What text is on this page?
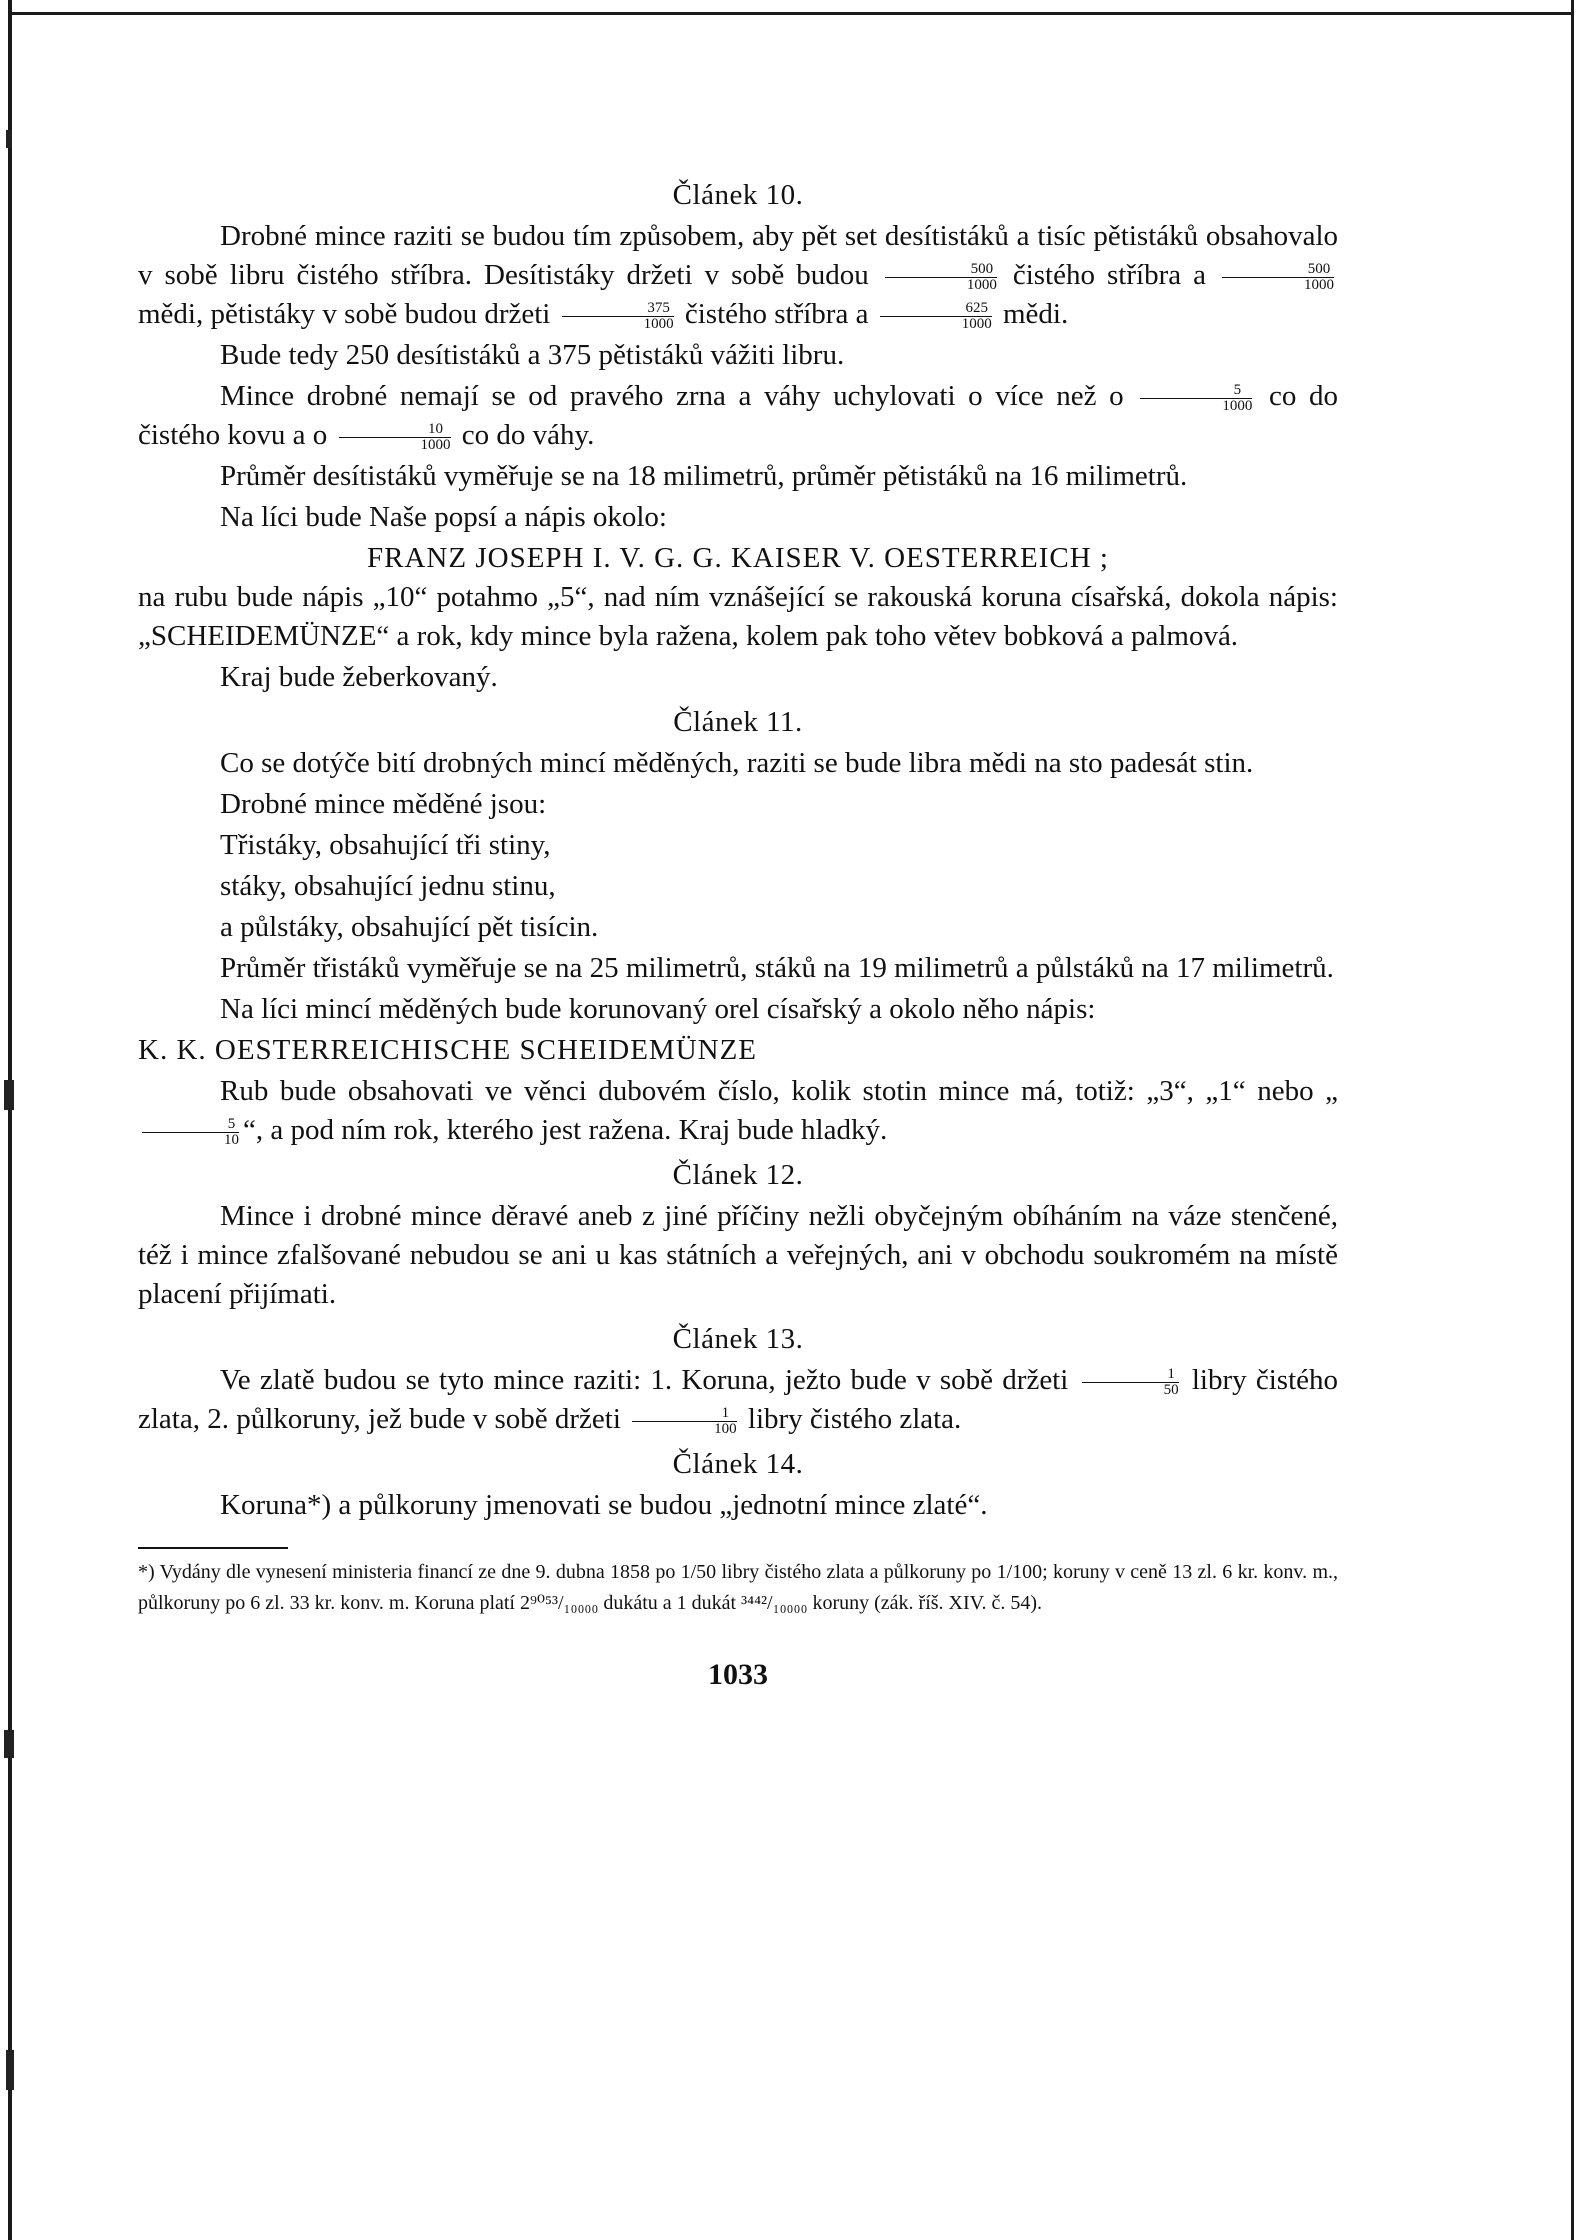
Článek 10.
Drobné mince raziti se budou tím způsobem, aby pět set desítistáků a tisíc pětistáků obsahovalo v sobě libru čistého stříbra. Desítistáky držeti v sobě budou $\frac{500}{1000}$ čistého stříbra a $\frac{500}{1000}$
mědi, pětistáky v sobě budou držeti $\frac{375}{1000}$ čistého stříbra a $\frac{625}{1000}$ mědi.
Bude tedy 250 desítistáků a 375 pětistáků vážiti libru.
Mince drobné nemají se od pravého zrna a váhy uchylovati o více než o $\frac{5}{1000}$ co do čistého kovu a o $\frac{10}{1000}$ co do váhy.
Průměr desítistáků vyměřuje se na 18 milimetrů, průměr pětistáků na 16 milimetrů.
Na líci bude Naše popsí a nápis okolo:
FRANZ JOSEPH I. V. G. G. KAISER V. OESTERREICH ;
na rubu bude nápis „10“ potahmo „5“, nad ním vznášející se rakouská koruna císařská, dokola nápis: „SCHEIDEMÜNZE“ a rok, kdy mince byla ražena, kolem pak toho větev bobková a palmová.
Kraj bude žeberkovaný.
Článek 11.
Co se dotýče bití drobných mincí měděných, raziti se bude libra mědi na sto padesát stin.
Drobné mince měděné jsou:
Třistáky, obsahující tři stiny,
stáky, obsahující jednu stinu,
a půlstáky, obsahující pět tisícin.
Průměr třistáků vyměřuje se na 25 milimetrů, stáků na 19 milimetrů a půlstáků na 17 milimetrů.
Na líci mincí měděných bude korunovaný orel císařský a okolo něho nápis:
K. K. OESTERREICHISCHE SCHEIDEMÜNZE
Rub bude obsahovati ve věnci dubovém číslo, kolik stotin mince má, totiž: „3“, „1“ nebo „
$\frac{5}{10}$ “, a pod ním rok, kterého jest ražena. Kraj bude hladký.
Článek 12.
Mince i drobné mince děravé aneb z jiné příčiny nežli obyčejným obíháním na váze stenčené, též i mince zfalšované nebudou se ani u kas státních a veřejných, ani v obchodu soukromém na místě placení přijímati.
Článek 13.
Ve zlatě budou se tyto mince raziti: 1. Koruna, ježto bude v sobě držeti $\frac{1}{50}$ libry čistého zlata, 2. půlkoruny, jež bude v sobě držeti $\frac{1}{100}$ libry čistého zlata.
Článek 14.
Koruna*) a půlkoruny jmenovati se budou „jednotní mince zlaté“.
*) Vydány dle vynesení ministeria financí ze dne 9. dubna 1858 po 1/50 libry čistého zlata a půlkoruny po 1/100; koruny v ceně 13 zl. 6 kr. konv. m., půlkoruny po 6 zl. 33 kr. konv. m. Koruna platí 2⁹⁰⁵³/₁₀₀₀₀ dukátu a 1 dukát ³⁴⁴²/₁₀₀₀₀ koruny (zák. říš. XIV. č. 54).
1033
